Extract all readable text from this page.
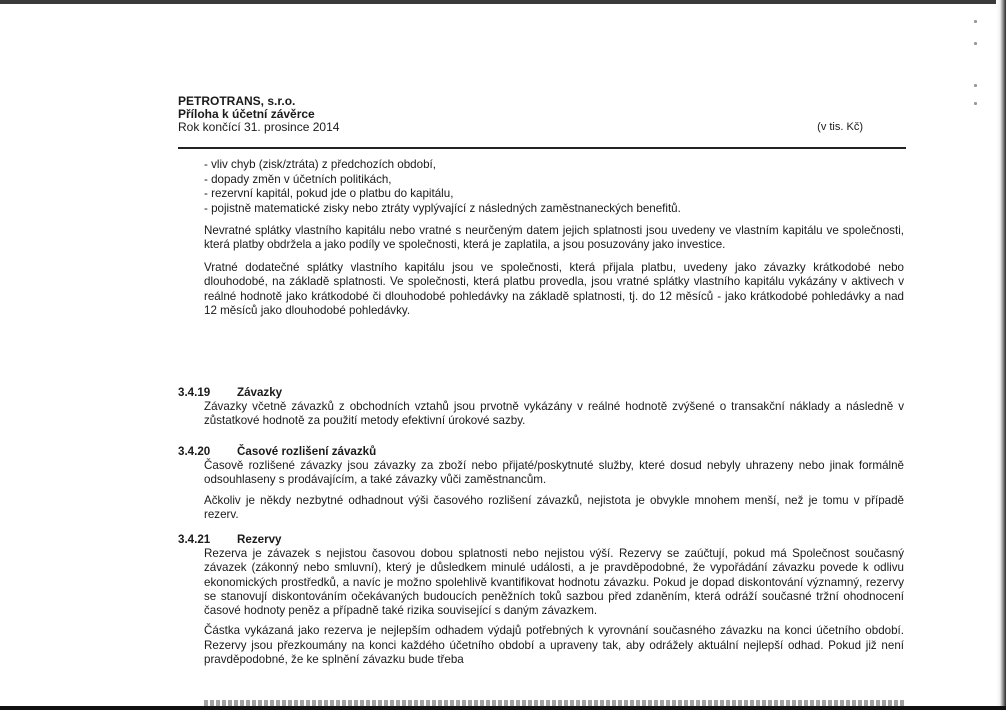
PETROTRANS, s.r.o.
Příloha k účetní závěrce
Rok končící 31. prosince 2014	(v tis. Kč)
- vliv chyb (zisk/ztráta) z předchozích období,
- dopady změn v účetních politikách,
- rezervní kapitál, pokud jde o platbu do kapitálu,
- pojistně matematické zisky nebo ztráty vyplývající z následných zaměstnaneckých benefitů.

Nevratné splátky vlastního kapitálu nebo vratné s neurčeným datem jejich splatnosti jsou uvedeny ve vlastním kapitálu ve společnosti, která platby obdržela a jako podíly ve společnosti, která je zaplatila, a jsou posuzovány jako investice.

Vratné dodatečné splátky vlastního kapitálu jsou ve společnosti, která přijala platbu, uvedeny jako závazky krátkodobé nebo dlouhodobé, na základě splatnosti. Ve společnosti, která platbu provedla, jsou vratné splátky vlastního kapitálu vykázány v aktivech v reálné hodnotě jako krátkodobé či dlouhodobé pohledávky na základě splatnosti, tj. do 12 měsíců - jako krátkodobé pohledávky a nad 12 měsíců jako dlouhodobé pohledávky.

3.4.19 Závazky

Závazky včetně závazků z obchodních vztahů jsou prvotně vykázány v reálné hodnotě zvýšené o transakční náklady a následně v zůstatkové hodnotě za použití metody efektivní úrokové sazby.

3.4.20 Časové rozlišení závazků

Časově rozlišené závazky jsou závazky za zboží nebo přijaté/poskytnuté služby, které dosud nebyly uhrazeny nebo jinak formálně odsouhlaseny s prodávajícím, a také závazky vůči zaměstnancům.

Ačkoliv je někdy nezbytné odhadnout výši časového rozlišení závazků, nejistota je obvykle mnohem menší, než je tomu v případě rezerv.

3.4.21 Rezervy

Rezerva je závazek s nejistou časovou dobou splatnosti nebo nejistou výší. Rezervy se zaúčtují, pokud má Společnost současný závazek (zákonný nebo smluvní), který je důsledkem minulé události, a je pravděpodobné, že vypořádání závazku povede k odlivu ekonomických prostředků, a navíc je možno spolehlivě kvantifikovat hodnotu závazku. Pokud je dopad diskontování významný, rezervy se stanovují diskontováním očekávaných budoucích peněžních toků sazbou před zdaněním, která odráží současné tržní ohodnocení časové hodnoty peněz a případně také rizika související s daným závazkem.

Částka vykázaná jako rezerva je nejlepším odhadem výdajů potřebných k vyrovnání současného závazku na konci účetního období. Rezervy jsou přezkoumány na konci každého účetního období a upraveny tak, aby odrážely aktuální nejlepší odhad. Pokud již není pravděpodobné, že ke splnění závazku bude třeba
